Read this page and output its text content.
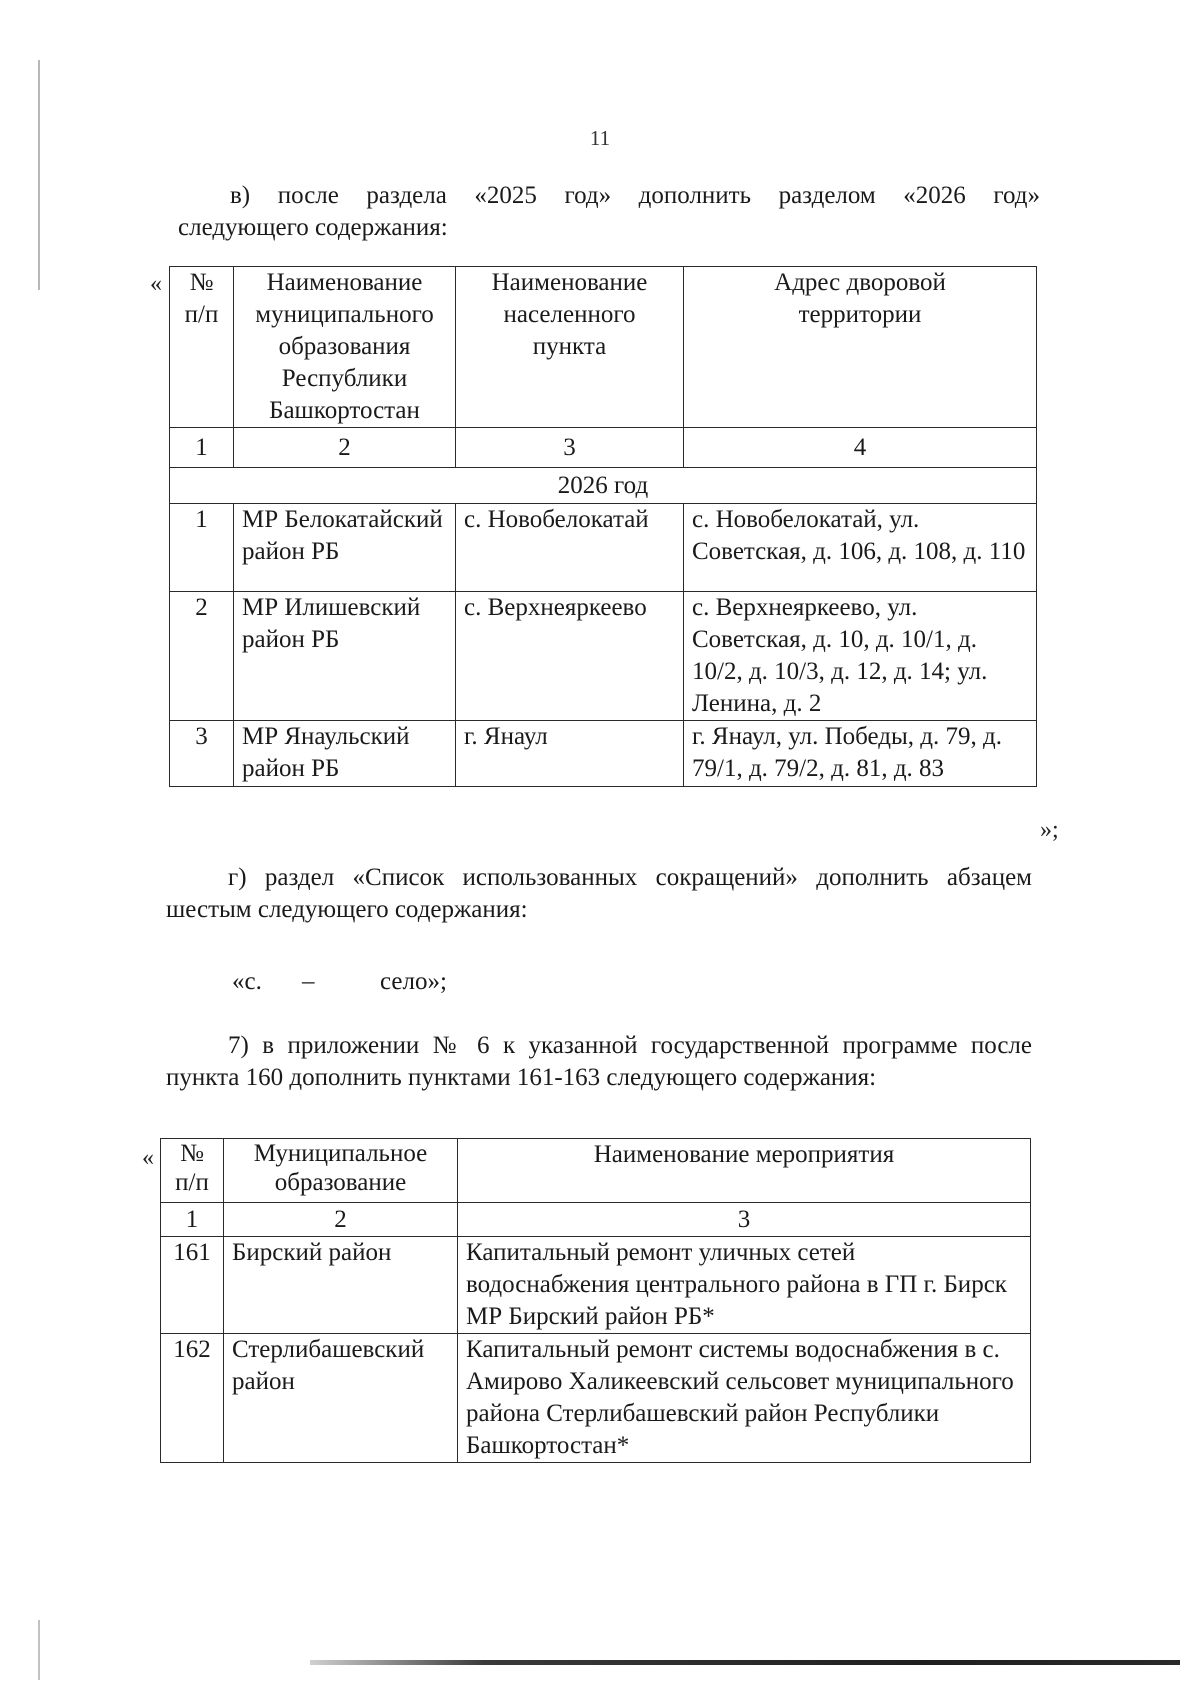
11
в) после раздела «2025 год» дополнить разделом «2026 год»
следующего содержания:
« № п/п	Наименование муниципального образования Республики Башкортостан	Наименование населенного пункта	Адрес дворовой территории
1	2	3	4
2026 год			
1	МР Белокатайский район РБ	с. Новобелокатай	с. Новобелокатай, ул. Советская, д. 106, д. 108, д. 110
2	МР Илишевский район РБ	с. Верхнеяркеево	с. Верхнеяркеево, ул. Советская, д. 10, д. 10/1, д. 10/2, д. 10/3, д. 12, д. 14; ул. Ленина, д. 2
3	МР Янаульский район РБ	г. Янаул	г. Янаул, ул. Победы, д. 79, д. 79/1, д. 79/2, д. 81, д. 83
»;
г) раздел «Список использованных сокращений» дополнить абзацем
шестым следующего содержания:
«с. –	село»;
7) в приложении № 6 к указанной государственной программе после
пункта 160 дополнить пунктами 161-163 следующего содержания:
« № п/п	Муниципальное образование	Наименование мероприятия
1	2	3
161	Бирский район	Капитальный ремонт уличных сетей водоснабжения центрального района в ГП г. Бирск МР Бирский район РБ*
162	Стерлибашевский район	Капитальный ремонт системы водоснабжения в с. Амирово Халикеевский сельсовет муниципального района Стерлибашевский район Республики Башкортостан*
